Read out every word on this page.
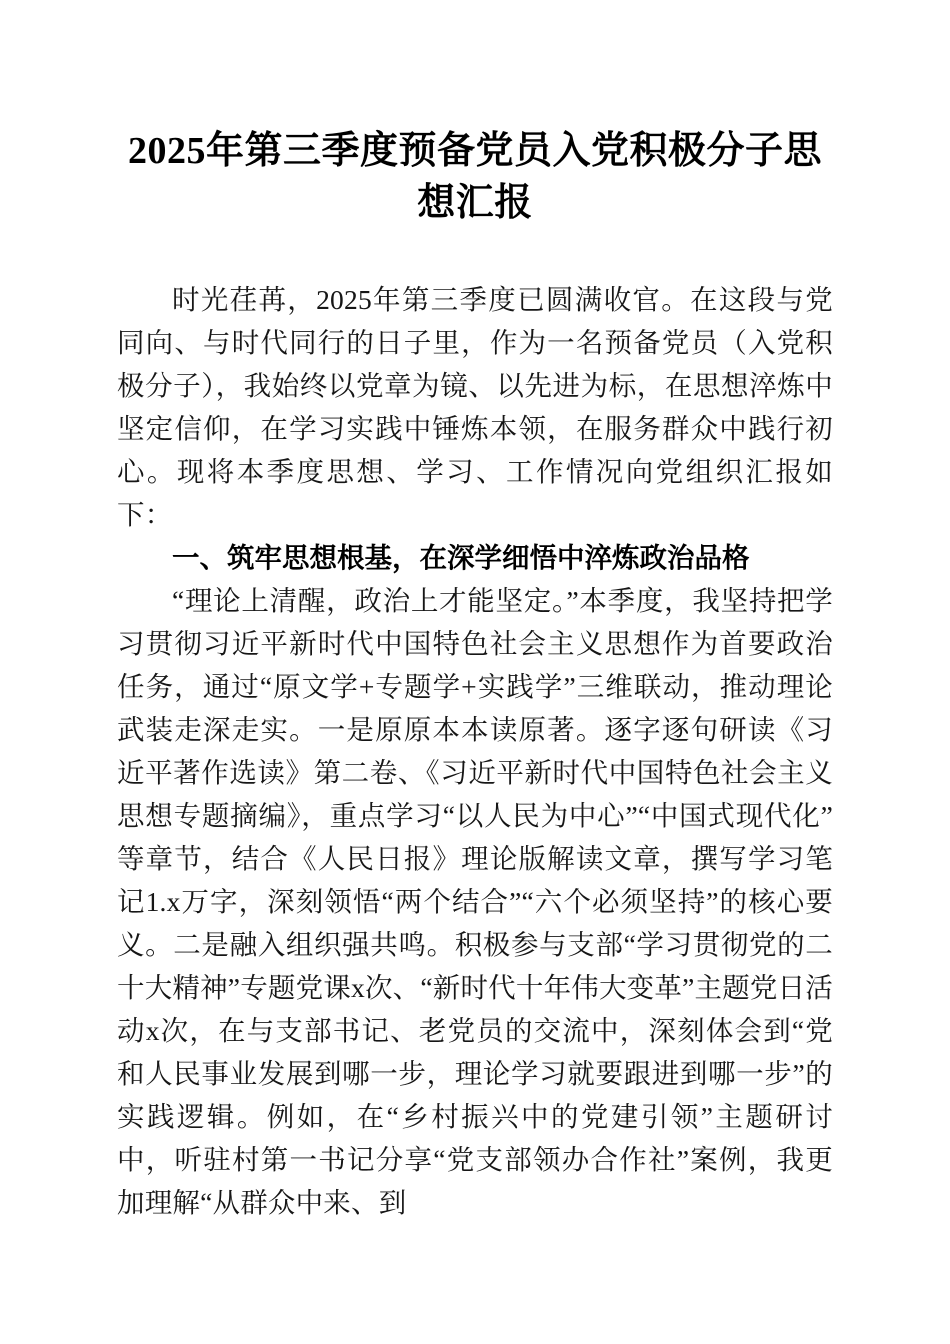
2025年第三季度预备党员入党积极分子思想汇报

时光荏苒，2025年第三季度已圆满收官。在这段与党同向、与时代同行的日子里，作为一名预备党员（入党积极分子），我始终以党章为镜、以先进为标，在思想淬炼中坚定信仰，在学习实践中锤炼本领，在服务群众中践行初心。现将本季度思想、学习、工作情况向党组织汇报如下：

一、筑牢思想根基，在深学细悟中淬炼政治品格

“理论上清醒，政治上才能坚定。”本季度，我坚持把学习贯彻习近平新时代中国特色社会主义思想作为首要政治任务，通过“原文学+专题学+实践学”三维联动，推动理论武装走深走实。一是原原本本读原著。逐字逐句研读《习近平著作选读》第二卷、《习近平新时代中国特色社会主义思想专题摘编》，重点学习“以人民为中心”“中国式现代化”等章节，结合《人民日报》理论版解读文章，撰写学习笔记1.x万字，深刻领悟“两个结合”“六个必须坚持”的核心要义。二是融入组织强共鸣。积极参与支部“学习贯彻党的二十大精神”专题党课x次、“新时代十年伟大变革”主题党日活动x次，在与支部书记、老党员的交流中，深刻体会到“党和人民事业发展到哪一步，理论学习就要跟进到哪一步”的实践逻辑。例如，在“乡村振兴中的党建引领”主题研讨中，听驻村第一书记分享“党支部领办合作社”案例，我更加理解“从群众中来、到
